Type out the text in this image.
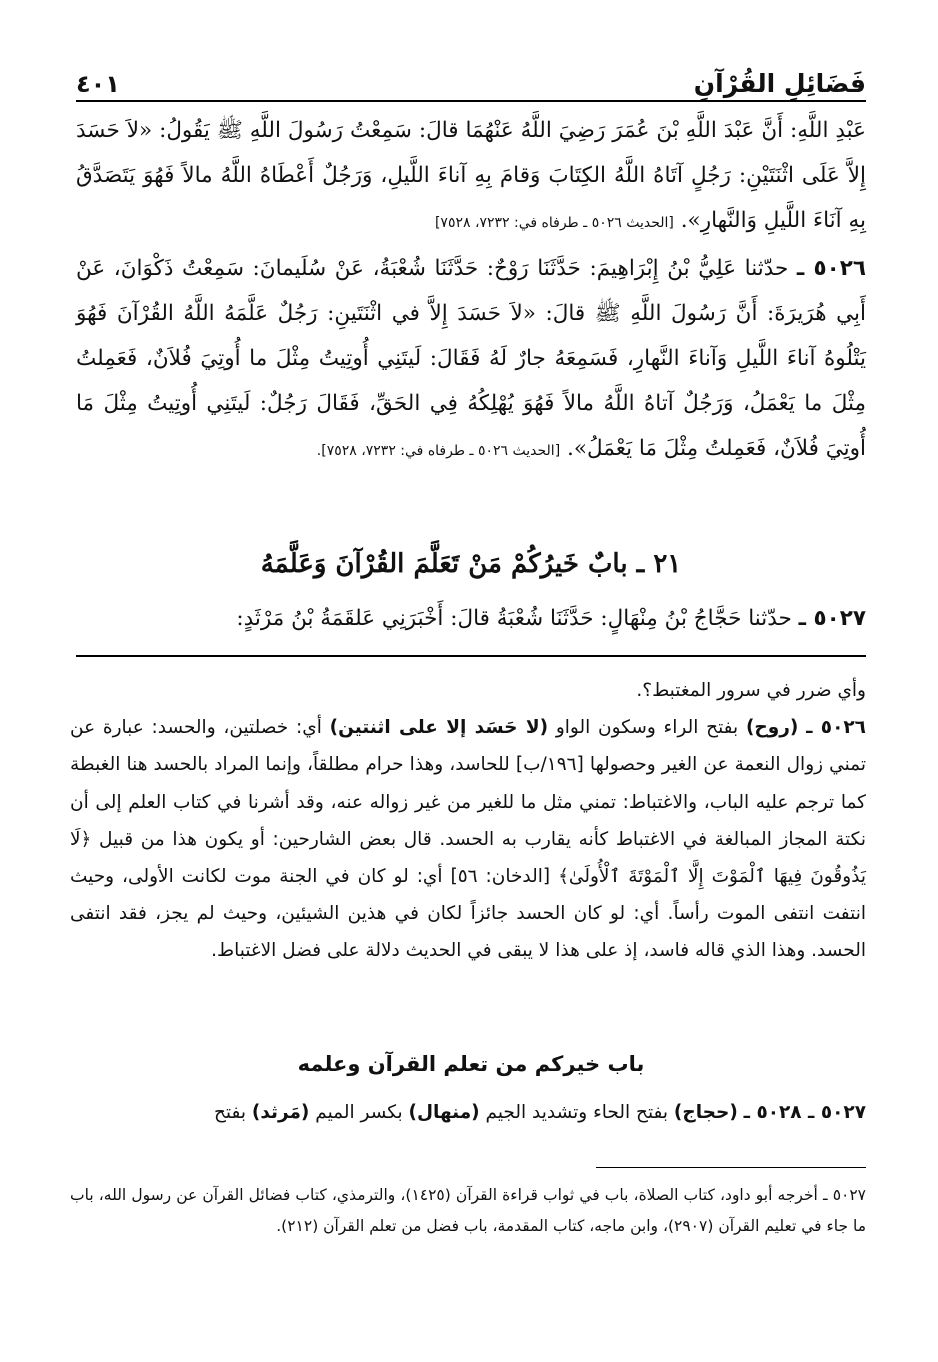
فَضَائِلِ القُرْآنِ
٤٠١

عَبْدِ اللَّهِ: أَنَّ عَبْدَ اللَّهِ بْنَ عُمَرَ رَضِيَ اللَّهُ عَنْهُمَا قالَ: سَمِعْتُ رَسُولَ اللَّهِ ﷺ يَقُولُ: «لاَ حَسَدَ إِلاَّ عَلَى اثْنَتَيْنِ: رَجُلٍ آتَاهُ اللَّهُ الكِتَابَ وَقامَ بِهِ آناءَ اللَّيلِ، وَرَجُلٌ أَعْطَاهُ اللَّهُ مالاً فَهُوَ يَتَصَدَّقُ بِهِ آنَاءَ اللَّيلِ وَالنَّهارِ». [الحديث ٥٠٢٦ ـ طرفاه في: ٧٢٣٢، ٧٥٢٨]

٥٠٢٦ ـ حدّثنا عَلِيُّ بْنُ إِبْرَاهِيمَ: حَدَّثَنَا رَوْحٌ: حَدَّثَنَا شُعْبَةُ، عَنْ سُلَيمانَ: سَمِعْتُ ذَكْوَانَ، عَنْ أَبِي هُرَيرَةَ: أَنَّ رَسُولَ اللَّهِ ﷺ قالَ: «لاَ حَسَدَ إِلاَّ في اثْنَتَينِ: رَجُلٌ عَلَّمَهُ اللَّهُ القُرْآنَ فَهُوَ يَتْلُوهُ آناءَ اللَّيلِ وَآناءَ النَّهارِ، فَسَمِعَهُ جارٌ لَهُ فَقَالَ: لَيتَنِي أُوتِيتُ مِثْلَ ما أُوتِيَ فُلاَنٌ، فَعَمِلتُ مِثْلَ ما يَعْمَلُ، وَرَجُلٌ آتاهُ اللَّهُ مالاً فَهُوَ يُهْلِكُهُ فِي الحَقِّ، فَقَالَ رَجُلٌ: لَيتَنِي أُوتِيتُ مِثْلَ مَا أُوتِيَ فُلاَنٌ، فَعَمِلتُ مِثْلَ مَا يَعْمَلُ». [الحديث ٥٠٢٦ ـ طرفاه في: ٧٢٣٢، ٧٥٢٨].

٢١ ـ بابٌ خَيرُكُمْ مَنْ تَعَلَّمَ القُرْآنَ وَعَلَّمَهُ
٥٠٢٧ ـ حدّثنا حَجَّاجُ بْنُ مِنْهَالٍ: حَدَّثَنَا شُعْبَةُ قالَ: أَخْبَرَنِي عَلقَمَةُ بْنُ مَرْثَدٍ:

وأي ضرر في سرور المغتبط؟.

٥٠٢٦ ـ (روح) بفتح الراء وسكون الواو (لا حَسَد إلا على اثنتين) أي: خصلتين، والحسد: عبارة عن تمني زوال النعمة عن الغير وحصولها [١٩٦/ب] للحاسد، وهذا حرام مطلقاً، وإنما المراد بالحسد هنا الغبطة كما ترجم عليه الباب، والاغتباط: تمني مثل ما للغير من غير زواله عنه، وقد أشرنا في كتاب العلم إلى أن نكتة المجاز المبالغة في الاغتباط كأنه يقارب به الحسد. قال بعض الشارحين: أو يكون هذا من قبيل ﴿لَا يَذُوقُونَ فِيهَا ٱلْمَوْتَ إِلَّا ٱلْمَوْتَةَ ٱلْأُولَىٰ﴾ [الدخان: ٥٦] أي: لو كان في الجنة موت لكانت الأولى، وحيث انتفت انتفى الموت رأساً. أي: لو كان الحسد جائزاً لكان في هذين الشيئين، وحيث لم يجز، فقد انتفى الحسد. وهذا الذي قاله فاسد، إذ على هذا لا يبقى في الحديث دلالة على فضل الاغتباط.

باب خيركم من تعلم القرآن وعلمه
٥٠٢٧ ـ ٥٠٢٨ ـ (حجاج) بفتح الحاء وتشديد الجيم (منهال) بكسر الميم (مَرثد) بفتح
٥٠٢٧ ـ أخرجه أبو داود، كتاب الصلاة، باب في ثواب قراءة القرآن (١٤٢٥)، والترمذي، كتاب فضائل القرآن عن رسول الله، باب ما جاء في تعليم القرآن (٢٩٠٧)، وابن ماجه، كتاب المقدمة، باب فضل من تعلم القرآن (٢١٢).
